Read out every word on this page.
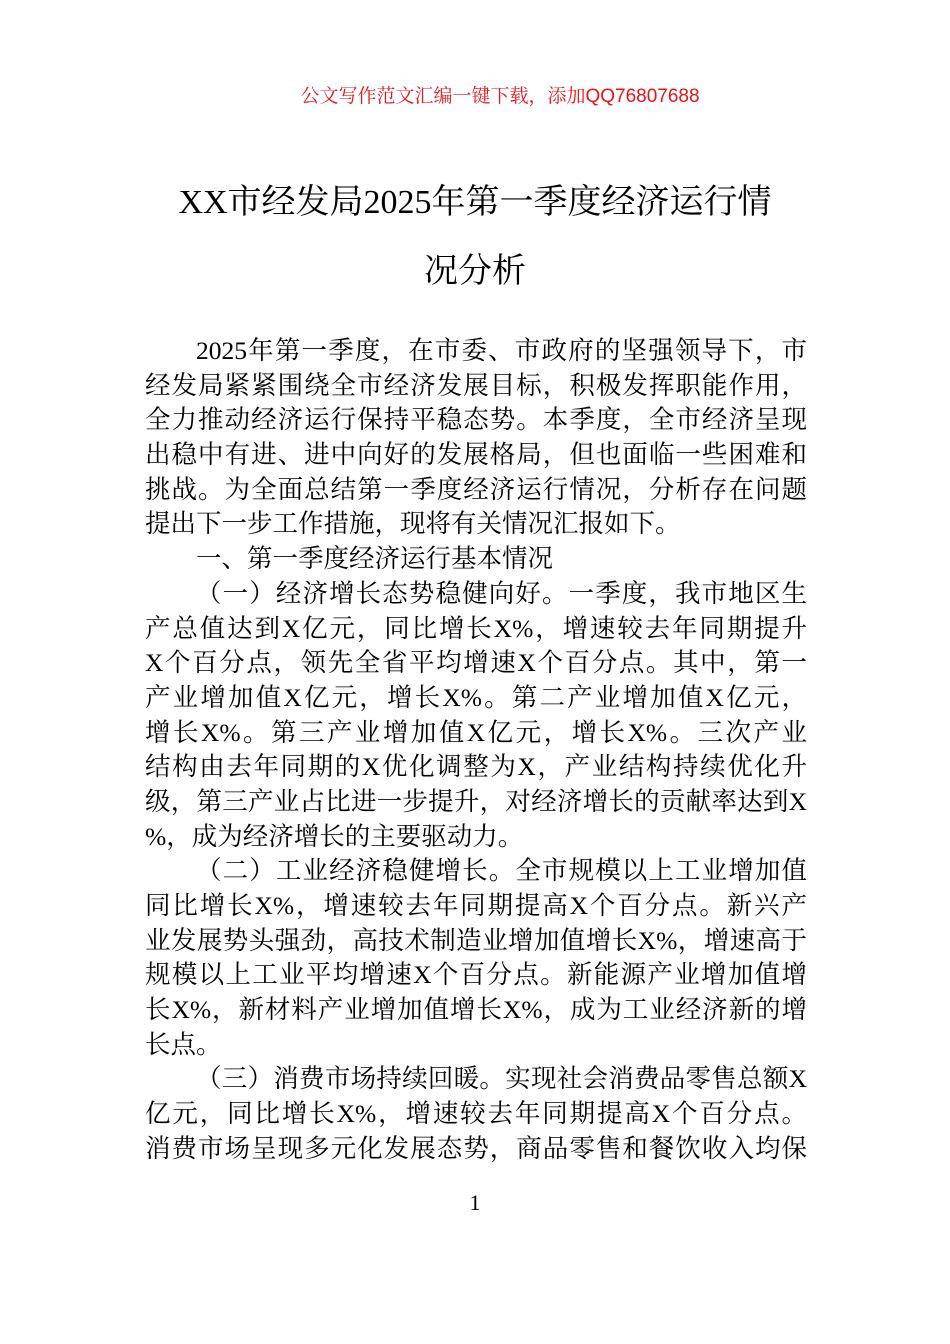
公文写作范文汇编一键下载，添加QQ76807688
XX市经发局2025年第一季度经济运行情
况分析
2025年第一季度，在市委、市政府的坚强领导下，市
经发局紧紧围绕全市经济发展目标，积极发挥职能作用，
全力推动经济运行保持平稳态势。本季度，全市经济呈现
出稳中有进、进中向好的发展格局，但也面临一些困难和
挑战。为全面总结第一季度经济运行情况，分析存在问题
提出下一步工作措施，现将有关情况汇报如下。
一、第一季度经济运行基本情况
（一）经济增长态势稳健向好。一季度，我市地区生
产总值达到X亿元，同比增长X%，增速较去年同期提升
X个百分点，领先全省平均增速X个百分点。其中，第一
产业增加值X亿元，增长X%。第二产业增加值X亿元，
增长X%。第三产业增加值X亿元，增长X%。三次产业
结构由去年同期的X优化调整为X，产业结构持续优化升
级，第三产业占比进一步提升，对经济增长的贡献率达到X
%，成为经济增长的主要驱动力。
（二）工业经济稳健增长。全市规模以上工业增加值
同比增长X%，增速较去年同期提高X个百分点。新兴产
业发展势头强劲，高技术制造业增加值增长X%，增速高于
规模以上工业平均增速X个百分点。新能源产业增加值增
长X%，新材料产业增加值增长X%，成为工业经济新的增
长点。
（三）消费市场持续回暖。实现社会消费品零售总额X
亿元，同比增长X%，增速较去年同期提高X个百分点。
消费市场呈现多元化发展态势，商品零售和餐饮收入均保
1
